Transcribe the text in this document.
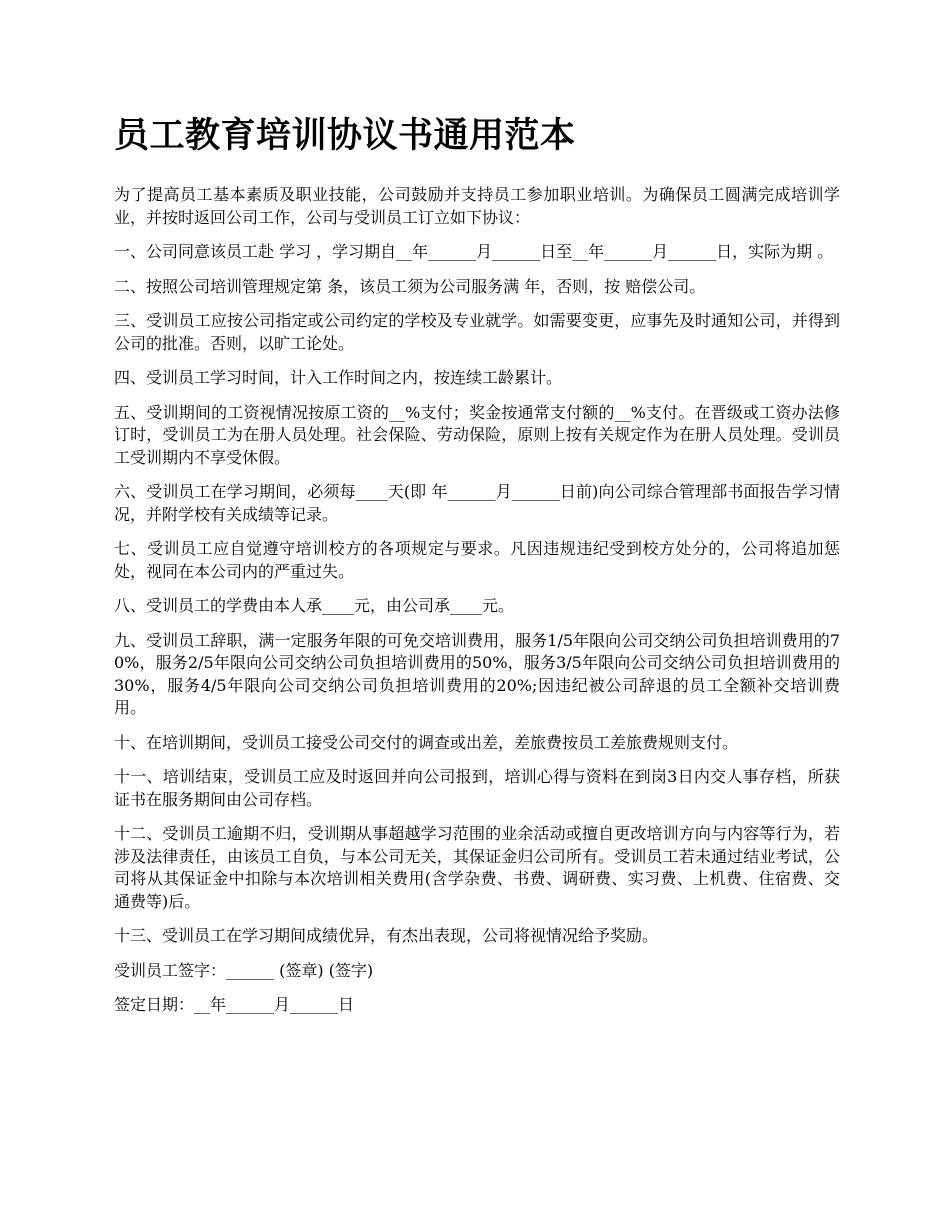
员工教育培训协议书通用范本

为了提高员工基本素质及职业技能，公司鼓励并支持员工参加职业培训。为确保员工圆满完成培训学业，并按时返回公司工作，公司与受训员工订立如下协议：

一、公司同意该员工赴 学习 ，学习期自__年______月______日至__年______月______日，实际为期 。

二、按照公司培训管理规定第 条，该员工须为公司服务满 年，否则，按 赔偿公司。

三、受训员工应按公司指定或公司约定的学校及专业就学。如需要变更，应事先及时通知公司，并得到公司的批准。否则，以旷工论处。

四、受训员工学习时间，计入工作时间之内，按连续工龄累计。

五、受训期间的工资视情况按原工资的__%支付；奖金按通常支付额的__%支付。在晋级或工资办法修订时，受训员工为在册人员处理。社会保险、劳动保险，原则上按有关规定作为在册人员处理。受训员工受训期内不享受休假。

六、受训员工在学习期间，必须每____天(即 年______月______日前)向公司综合管理部书面报告学习情况，并附学校有关成绩等记录。

七、受训员工应自觉遵守培训校方的各项规定与要求。凡因违规违纪受到校方处分的，公司将追加惩处，视同在本公司内的严重过失。

八、受训员工的学费由本人承____元，由公司承____元。

九、受训员工辞职，满一定服务年限的可免交培训费用，服务1/5年限向公司交纳公司负担培训费用的70%，服务2/5年限向公司交纳公司负担培训费用的50%，服务3/5年限向公司交纳公司负担培训费用的30%，服务4/5年限向公司交纳公司负担培训费用的20%;因违纪被公司辞退的员工全额补交培训费用。

十、在培训期间，受训员工接受公司交付的调查或出差，差旅费按员工差旅费规则支付。

十一、培训结束，受训员工应及时返回并向公司报到，培训心得与资料在到岗3日内交人事存档，所获证书在服务期间由公司存档。

十二、受训员工逾期不归，受训期从事超越学习范围的业余活动或擅自更改培训方向与内容等行为，若涉及法律责任，由该员工自负，与本公司无关，其保证金归公司所有。受训员工若未通过结业考试，公司将从其保证金中扣除与本次培训相关费用(含学杂费、书费、调研费、实习费、上机费、住宿费、交通费等)后。

十三、受训员工在学习期间成绩优异，有杰出表现，公司将视情况给予奖励。

受训员工签字：______ (签章) (签字)

签定日期：__年______月______日
